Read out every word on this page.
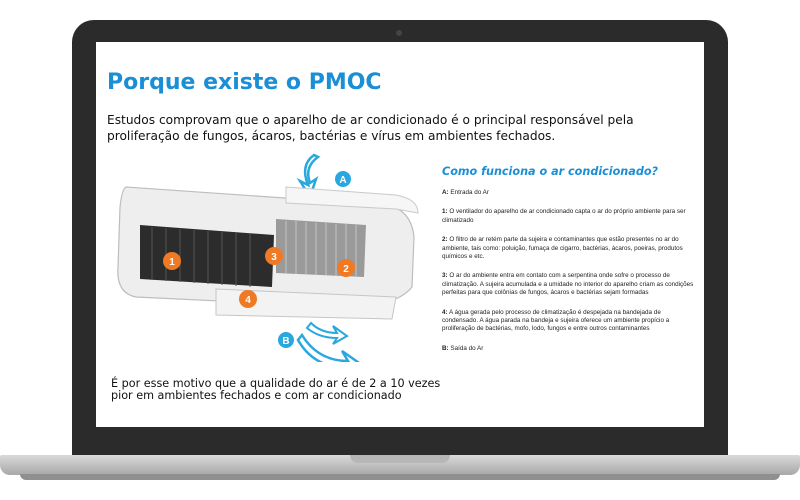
Porque existe o PMOC
Estudos comprovam que o aparelho de ar condicionado é o principal responsável pela proliferação de fungos, ácaros, bactérias e vírus em ambientes fechados.
A
1	3
2
4
B
É por esse motivo que a qualidade do ar é de 2 a 10 vezes pior em ambientes fechados e com ar condicionado
Como funciona o ar condicionado?

A: Entrada do Ar

1: O ventilador do aparelho de ar condicionado capta o ar do próprio ambiente para ser climatizado

2: O filtro de ar retém parte da sujeira e contaminantes que estão presentes no ar do ambiente, tais como: poluição, fumaça de cigarro, bactérias, ácaros, poeiras, produtos químicos e etc.

3: O ar do ambiente entra em contato com a serpentina onde sofre o processo de climatização. A sujeira acumulada e a umidade no interior do aparelho criam as condições perfeitas para que colônias de fungos, ácaros e bactérias sejam formadas

4: A água gerada pelo processo de climatização é despejada na bandejada de condensado. A água parada na bandeja e sujeira oferece um ambiente propício a proliferação de bactérias, mofo, lodo, fungos e entre outros contaminantes

B: Saída do Ar
